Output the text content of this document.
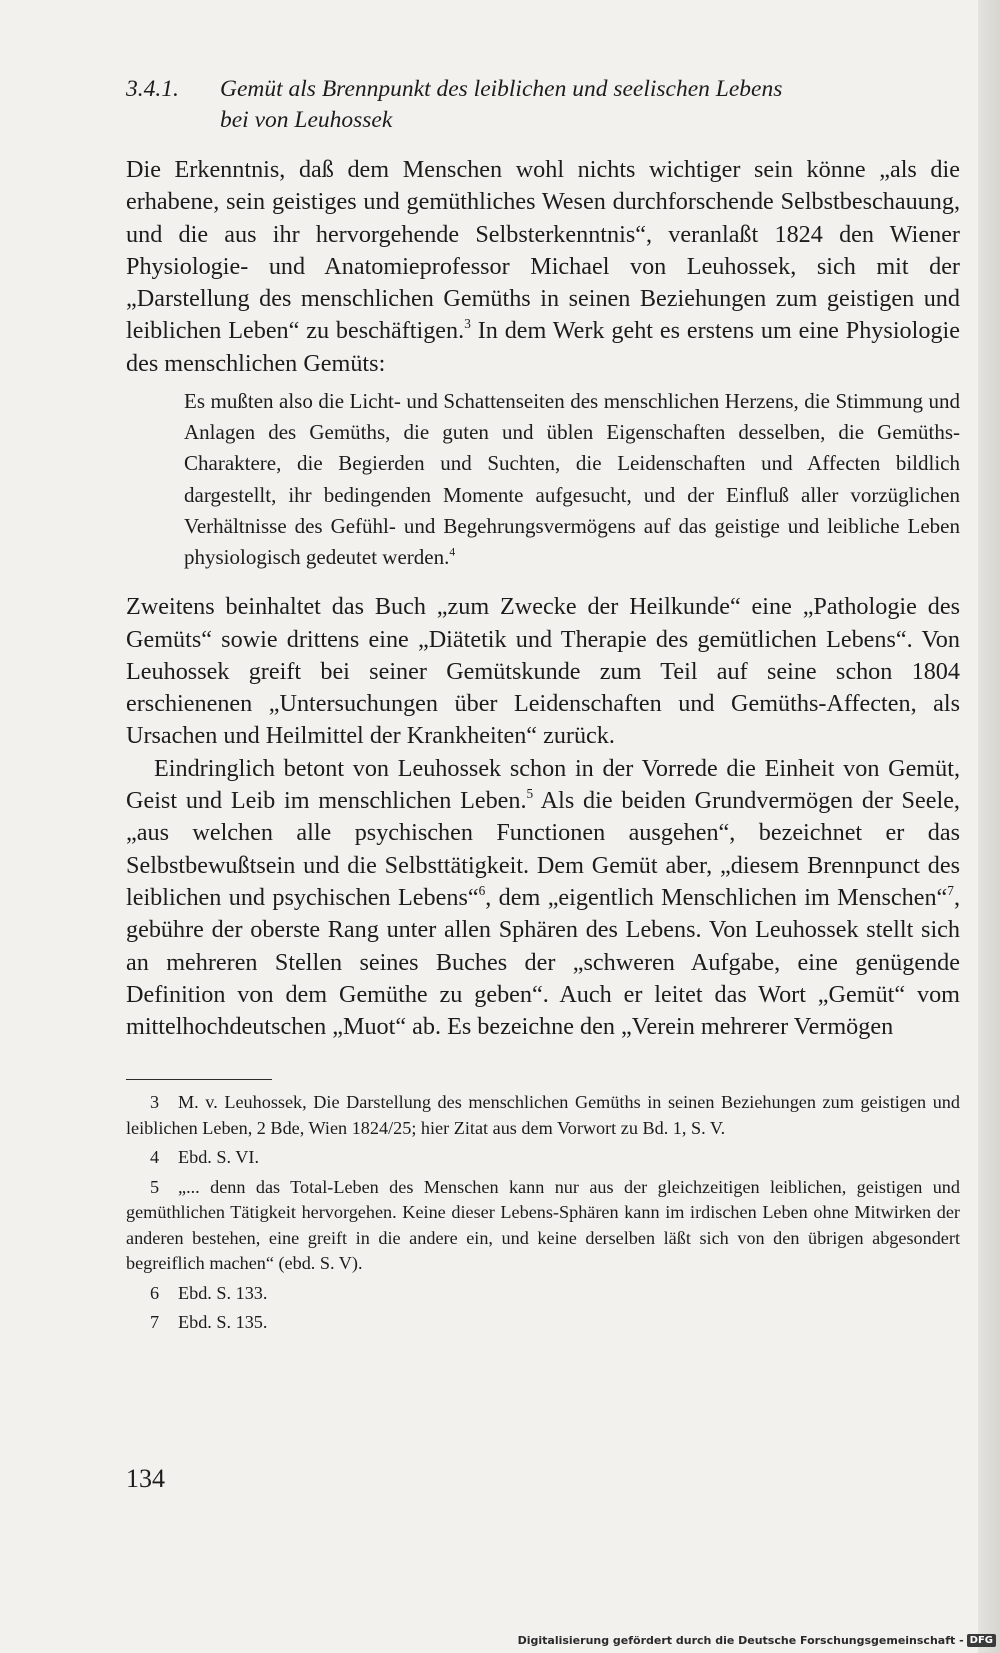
3.4.1.	Gemüt als Brennpunkt des leiblichen und seelischen Lebens
bei von Leuhossek

Die Erkenntnis, daß dem Menschen wohl nichts wichtiger sein könne „als die erhabene, sein geistiges und gemüthliches Wesen durchforschende Selbstbeschauung, und die aus ihr hervorgehende Selbsterkenntnis“, veranlaßt 1824 den Wiener Physiologie- und Anatomieprofessor Michael von Leuhossek, sich mit der „Darstellung des menschlichen Gemüths in seinen Beziehungen zum geistigen und leiblichen Leben“ zu beschäftigen.$^3$ In dem Werk geht es erstens um eine Physiologie des menschlichen Gemüts:

Es mußten also die Licht- und Schattenseiten des menschlichen Herzens, die Stimmung und Anlagen des Gemüths, die guten und üblen Eigenschaften desselben, die Gemüths- Charaktere, die Begierden und Suchten, die Leidenschaften und Affecten bildlich dargestellt, ihr bedingenden Momente aufgesucht, und der Einfluß aller vorzüglichen Verhältnisse des Gefühl- und Begehrungsvermögens auf das geistige und leibliche Leben physiologisch gedeutet werden.$^4$

Zweitens beinhaltet das Buch „zum Zwecke der Heilkunde“ eine „Pathologie des Gemüts“ sowie drittens eine „Diätetik und Therapie des gemütlichen Lebens“. Von Leuhossek greift bei seiner Gemütskunde zum Teil auf seine schon 1804 erschienenen „Untersuchungen über Leidenschaften und Gemüths-Affecten, als Ursachen und Heilmittel der Krankheiten“ zurück.

Eindringlich betont von Leuhossek schon in der Vorrede die Einheit von Gemüt, Geist und Leib im menschlichen Leben.$^5$ Als die beiden Grundvermögen der Seele, „aus welchen alle psychischen Functionen ausgehen“, bezeichnet er das Selbstbewußtsein und die Selbsttätigkeit. Dem Gemüt aber, „diesem Brennpunct des leiblichen und psychischen Lebens“$^6$, dem „eigentlich Menschlichen im Menschen“$^7$, gebühre der oberste Rang unter allen Sphären des Lebens. Von Leuhossek stellt sich an mehreren Stellen seines Buches der „schweren Aufgabe, eine genügende Definition von dem Gemüthe zu geben“. Auch er leitet das Wort „Gemüt“ vom mittelhochdeutschen „Muot“ ab. Es bezeichne den „Verein mehrerer Vermögen

3 M. v. Leuhossek, Die Darstellung des menschlichen Gemüths in seinen Beziehungen zum geistigen und leiblichen Leben, 2 Bde, Wien 1824/25; hier Zitat aus dem Vorwort zu Bd. 1, S. V.

4 Ebd. S. VI.

5 „... denn das Total-Leben des Menschen kann nur aus der gleichzeitigen leiblichen, geistigen und gemüthlichen Tätigkeit hervorgehen. Keine dieser Lebens-Sphären kann im irdischen Leben ohne Mitwirken der anderen bestehen, eine greift in die andere ein, und keine derselben läßt sich von den übrigen abgesondert begreiflich machen“ (ebd. S. V).

6 Ebd. S. 133.

7 Ebd. S. 135.

134
Digitalisierung gefördert durch die Deutsche Forschungsgemeinschaft - DFG
